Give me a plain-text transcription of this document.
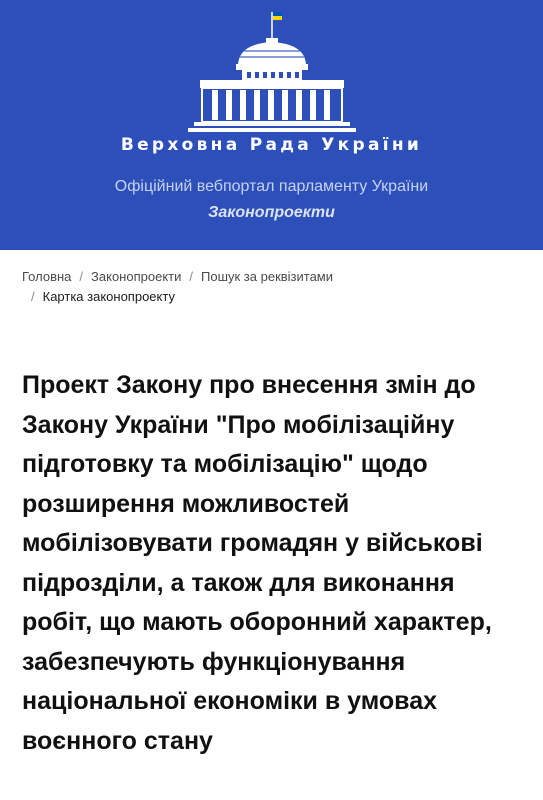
Верховна Рада України
Офіційний вебпортал парламенту України
Законопроекти
Головна / Законопроекти / Пошук за реквізитами
/ Картка законопроекту
Проект Закону про внесення змін до Закону України "Про мобілізаційну підготовку та мобілізацію" щодо розширення можливостей мобілізовувати громадян у військові підрозділи, а також для виконання робіт, що мають оборонний характер, забезпечують функціонування національної економіки в умовах воєнного стану
